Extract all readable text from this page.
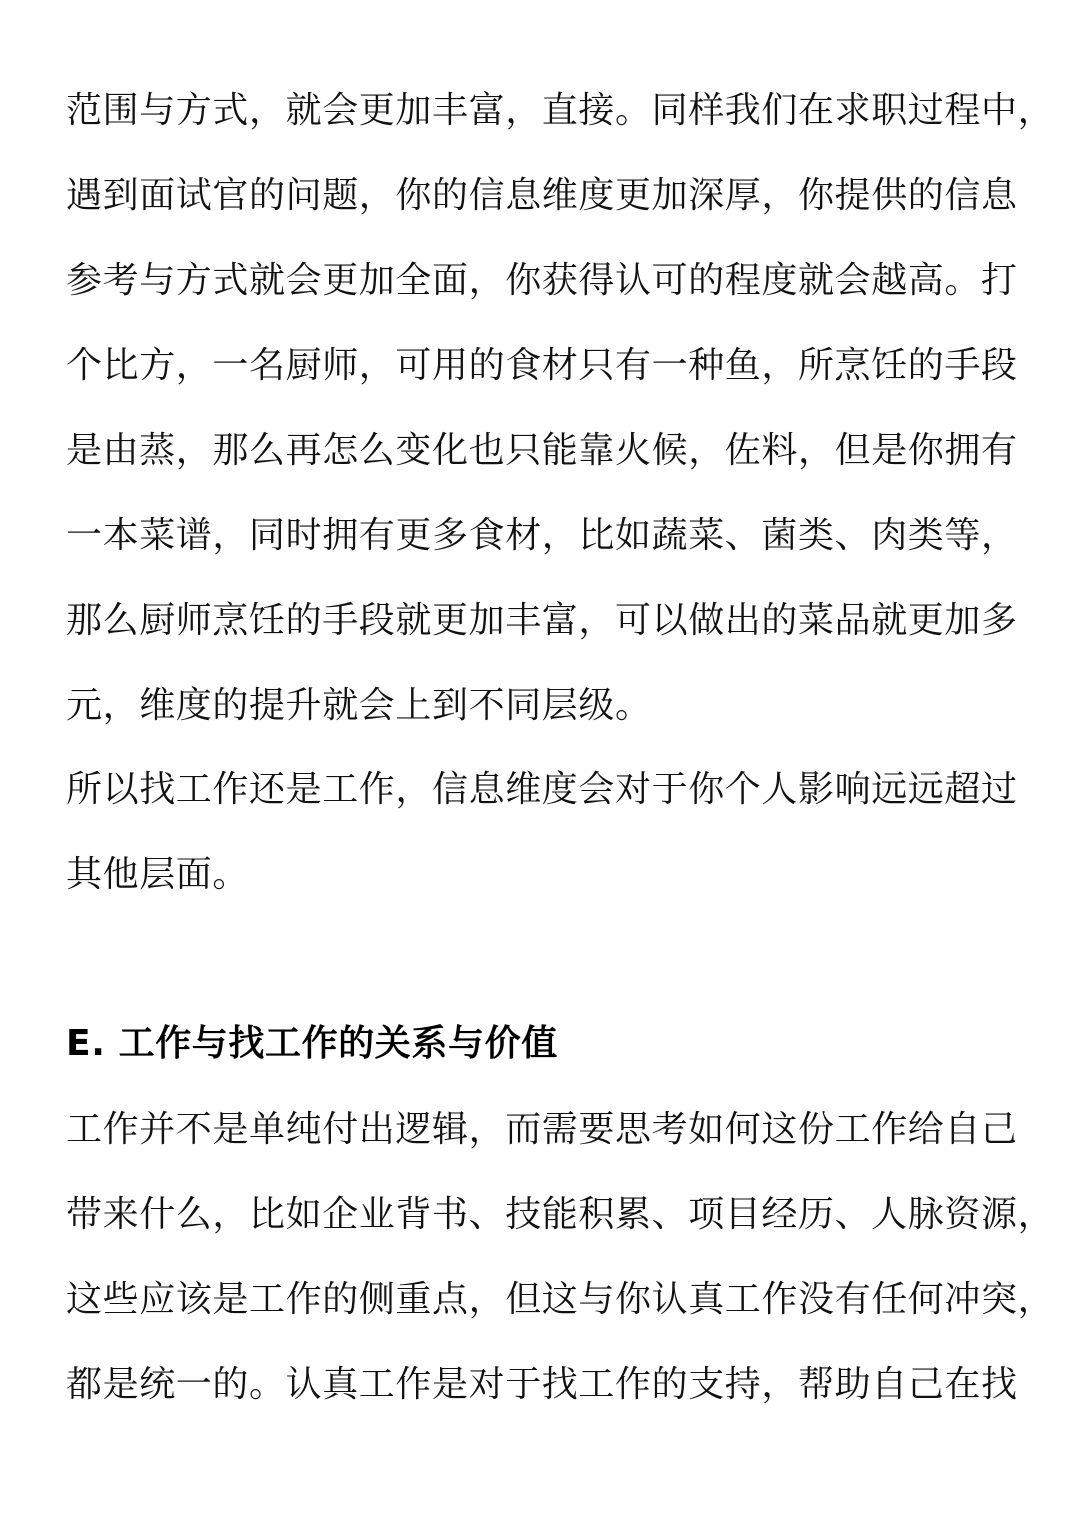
范围与方式，就会更加丰富，直接。同样我们在求职过程中，
遇到面试官的问题，你的信息维度更加深厚，你提供的信息
参考与方式就会更加全面，你获得认可的程度就会越高。打
个比方，一名厨师，可用的食材只有一种鱼，所烹饪的手段
是由蒸，那么再怎么变化也只能靠火候，佐料，但是你拥有
一本菜谱，同时拥有更多食材，比如蔬菜、菌类、肉类等，
那么厨师烹饪的手段就更加丰富，可以做出的菜品就更加多
元，维度的提升就会上到不同层级。
所以找工作还是工作，信息维度会对于你个人影响远远超过
其他层面。
E. 工作与找工作的关系与价值
工作并不是单纯付出逻辑，而需要思考如何这份工作给自己
带来什么，比如企业背书、技能积累、项目经历、人脉资源，
这些应该是工作的侧重点，但这与你认真工作没有任何冲突，
都是统一的。认真工作是对于找工作的支持，帮助自己在找
